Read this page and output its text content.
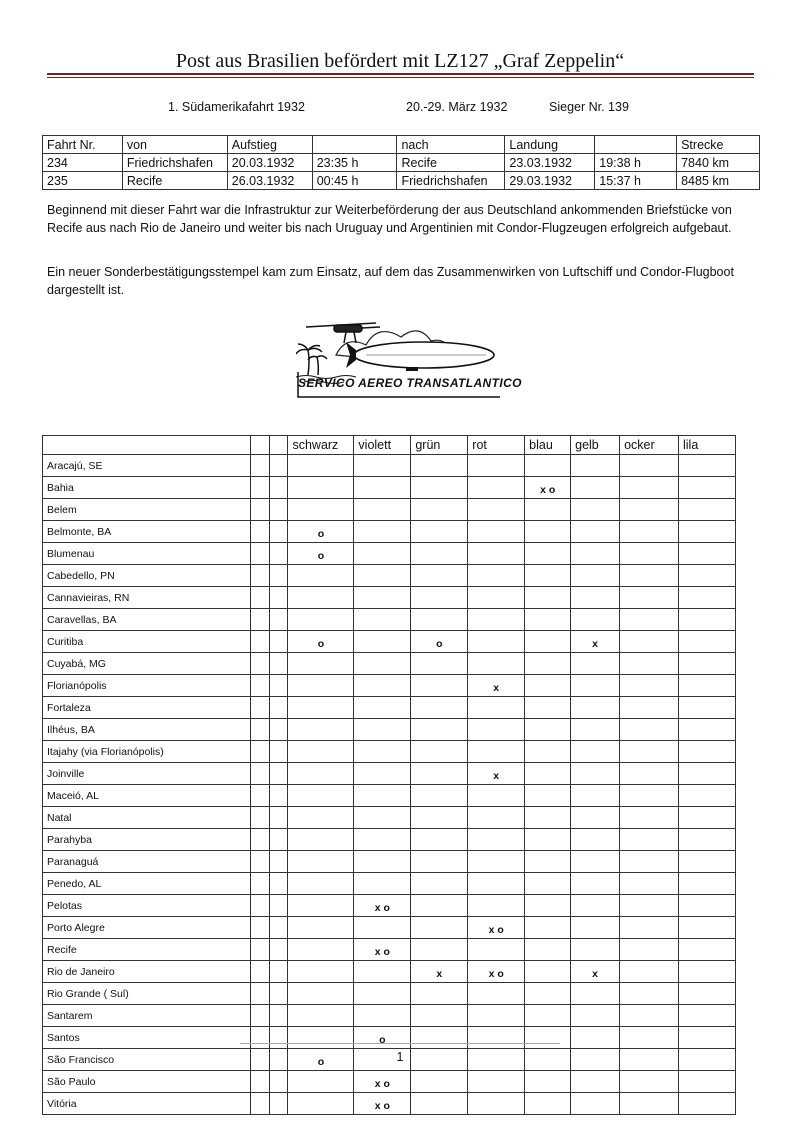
Post aus Brasilien befördert mit LZ127 „Graf Zeppelin“
1. Südamerikafahrt 1932	20.-29. März 1932	Sieger Nr. 139
Fahrt Nr.	von	Aufstieg		nach	Landung		Strecke
234	Friedrichshafen	20.03.1932	23:35 h	Recife	23.03.1932	19:38 h	7840 km
235	Recife	26.03.1932	00:45 h	Friedrichshafen	29.03.1932	15:37 h	8485 km

Beginnend mit dieser Fahrt war die Infrastruktur zur Weiterbeförderung der aus Deutschland ankommenden Briefstücke von Recife aus nach Rio de Janeiro und weiter bis nach Uruguay und Argentinien mit Condor-Flugzeugen erfolgreich aufgebaut.

Ein neuer Sonderbestätigungsstempel kam zum Einsatz, auf dem das Zusammenwirken von Luftschiff und Condor-Flugboot dargestellt ist.

SERVICO AEREO TRANSATLANTICO
			schwarz	violett	grün	rot	blau	gelb	ocker	lila
Aracajú, SE										
Bahia							x o			
Belem										
Belmonte, BA			o							
Blumenau			o							
Cabedello, PN										
Cannavieiras, RN										
Caravellas, BA										
Curitiba			o		o			x		
Cuyabá, MG										
Florianópolis						x				
Fortaleza										
Ilhéus, BA										
Itajahy (via Florianópolis)										
Joinville						x				
Maceió, AL										
Natal										
Parahyba										
Paranaguá										
Penedo, AL										
Pelotas				x o						
Porto Alegre						x o				
Recife				x o						
Rio de Janeiro					x	x o		x		
Rio Grande ( Sul)										
Santarem										
Santos				o						
São Francisco			o							
São Paulo				x o						
Vitória				x o						
1
